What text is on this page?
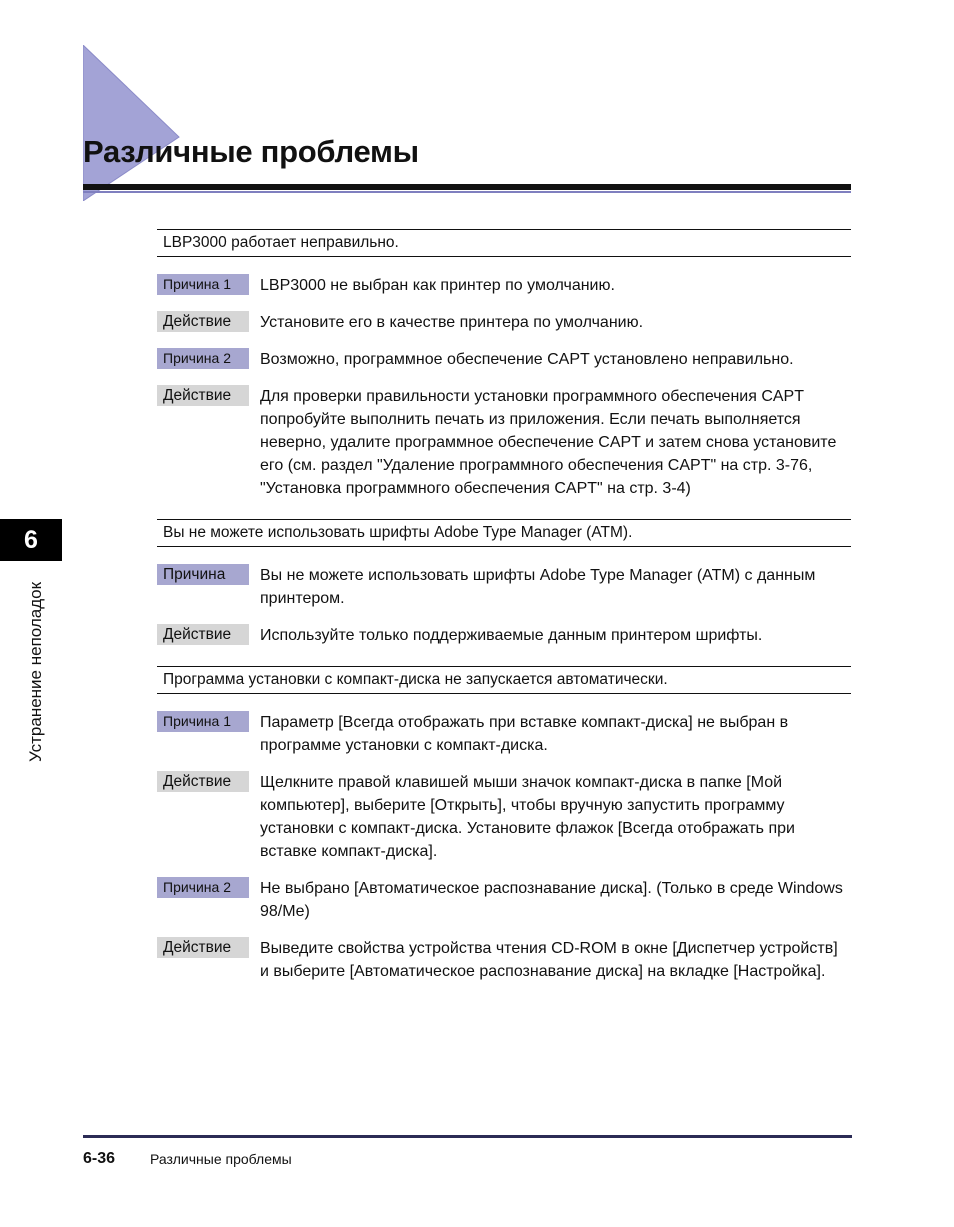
Различные проблемы
6
Устранение неполадок
LBP3000 работает неправильно.
Причина 1	LBP3000 не выбран как принтер по умолчанию.
Действие	Установите его в качестве принтера по умолчанию.
Причина 2	Возможно, программное обеспечение CAPT установлено неправильно.
Действие	Для проверки правильности установки программного обеспечения CAPT попробуйте выполнить печать из приложения. Если печать выполняется неверно, удалите программное обеспечение CAPT и затем снова установите его (см. раздел "Удаление программного обеспечения CAPT" на стр. 3-76, "Установка программного обеспечения CAPT" на стр. 3-4)
Вы не можете использовать шрифты Adobe Type Manager (ATM).
Причина	Вы не можете использовать шрифты Adobe Type Manager (ATM) с данным принтером.
Действие	Используйте только поддерживаемые данным принтером шрифты.
Программа установки с компакт-диска не запускается автоматически.
Причина 1	Параметр [Всегда отображать при вставке компакт-диска] не выбран в программе установки с компакт-диска.
Действие	Щелкните правой клавишей мыши значок компакт-диска в папке [Мой компьютер], выберите [Открыть], чтобы вручную запустить программу установки с компакт-диска. Установите флажок [Всегда отображать при вставке компакт-диска].
Причина 2	Не выбрано [Автоматическое распознавание диска]. (Только в среде Windows 98/Me)
Действие	Выведите свойства устройства чтения CD-ROM в окне [Диспетчер устройств] и выберите [Автоматическое распознавание диска] на вкладке [Настройка].
6-36 Различные проблемы
